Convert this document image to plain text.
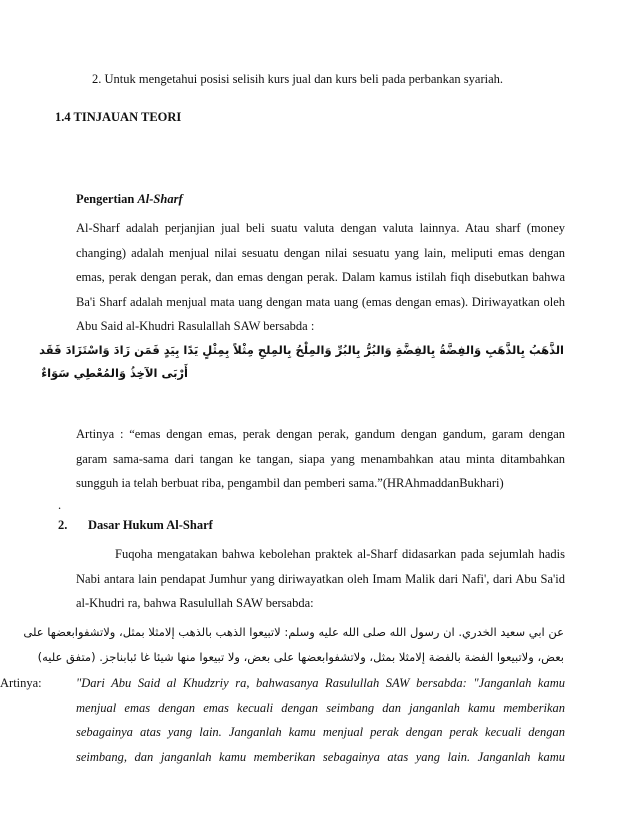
2. Untuk mengetahui posisi selisih kurs jual dan kurs beli pada perbankan syariah.
1.4 TINJAUAN TEORI
Pengertian Al-Sharf
Al-Sharf adalah perjanjian jual beli suatu valuta dengan valuta lainnya. Atau sharf (money
changing) adalah menjual nilai sesuatu dengan nilai sesuatu yang lain, meliputi emas dengan
emas, perak dengan perak, dan emas dengan perak. Dalam kamus istilah fiqh disebutkan bahwa
Ba'i Sharf adalah menjual mata uang dengan mata uang (emas dengan emas). Diriwayatkan oleh
Abu Said al-Khudri Rasulallah SAW bersabda :
الذَّهَبُ بِالذَّهَبِ وَالفِضَّةُ بِالفِضَّةِ وَالبُرُّ بِالبُرِّ وَالمِلْحُ بِالمِلحِ مِثْلاً بِمِثْلٍ يَدًا بِيَدٍ فَمَن زَادَ وَاسْتَزَادَ فَقَد
أَرْبَى الآخِذُ وَالمُعْطِي سَوَاءٌ
Artinya : “emas dengan emas, perak dengan perak, gandum dengan gandum, garam dengan
garam sama-sama dari tangan ke tangan, siapa yang menambahkan atau minta ditambahkan
sungguh ia telah berbuat riba, pengambil dan pemberi sama.”(HRAhmaddanBukhari)
.
2. Dasar Hukum Al-Sharf
Fuqoha mengatakan bahwa kebolehan praktek al-Sharf didasarkan pada sejumlah hadis
Nabi antara lain pendapat Jumhur yang diriwayatkan oleh Imam Malik dari Nafi', dari Abu Sa'id
al-Khudri ra, bahwa Rasulullah SAW bersabda:
عن ابي سعيد الخدري. ان رسول الله صلى الله عليه وسلم: لاتبيعوا الذهب بالذهب إلامثلا بمثل، ولاتشفوابعضها على
بعض، ولاتبيعوا الفضة بالفضة إلامثلا بمثل، ولاتشفوابعضها على بعض، ولا تبيعوا منها شيئا غا ئبابناجز. (متفق عليه)
Artinya:	"Dari Abu Said al Khudzriy ra, bahwasanya Rasulullah SAW bersabda: "Janganlah kamu
menjual emas dengan emas kecuali dengan seimbang dan janganlah kamu memberikan
sebagainya atas yang lain. Janganlah kamu menjual perak dengan perak kecuali dengan
seimbang, dan janganlah kamu memberikan sebagainya atas yang lain. Janganlah kamu
